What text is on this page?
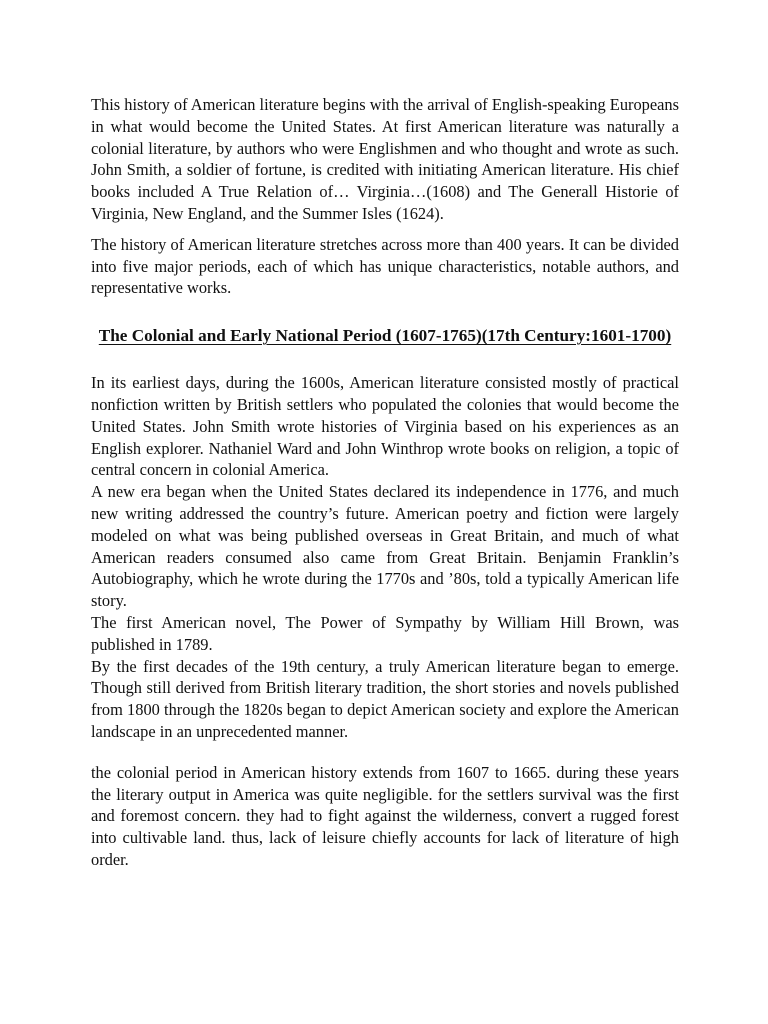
This history of American literature begins with the arrival of English-speaking Europeans in what would become the United States. At first American literature was naturally a colonial literature, by authors who were Englishmen and who thought and wrote as such. John Smith, a soldier of fortune, is credited with initiating American literature. His chief books included A True Relation of… Virginia…(1608) and The Generall Historie of Virginia, New England, and the Summer Isles (1624).

The history of American literature stretches across more than 400 years. It can be divided into five major periods, each of which has unique characteristics, notable authors, and representative works.

The Colonial and Early National Period (1607-1765)(17th Century:1601-1700)

In its earliest days, during the 1600s, American literature consisted mostly of practical nonfiction written by British settlers who populated the colonies that would become the United States. John Smith wrote histories of Virginia based on his experiences as an English explorer. Nathaniel Ward and John Winthrop wrote books on religion, a topic of central concern in colonial America.

A new era began when the United States declared its independence in 1776, and much new writing addressed the country’s future. American poetry and fiction were largely modeled on what was being published overseas in Great Britain, and much of what American readers consumed also came from Great Britain. Benjamin Franklin’s Autobiography, which he wrote during the 1770s and ’80s, told a typically American life story.

The first American novel, The Power of Sympathy by William Hill Brown, was published in 1789.

By the first decades of the 19th century, a truly American literature began to emerge. Though still derived from British literary tradition, the short stories and novels published from 1800 through the 1820s began to depict American society and explore the American landscape in an unprecedented manner.

the colonial period in American history extends from 1607 to 1665. during these years the literary output in America was quite negligible. for the settlers survival was the first and foremost concern. they had to fight against the wilderness, convert a rugged forest into cultivable land. thus, lack of leisure chiefly accounts for lack of literature of high order.
